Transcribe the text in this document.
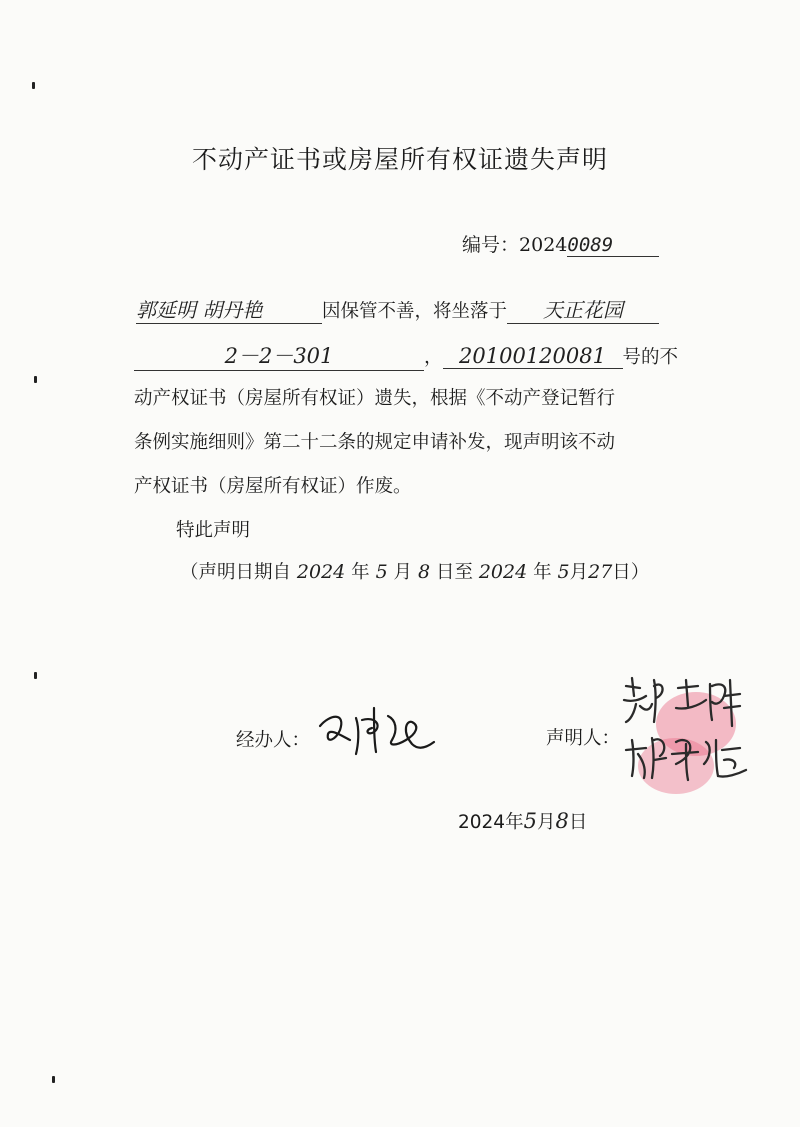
不动产证书或房屋所有权证遗失声明
编号：20240089
郭延明 胡丹艳	因保管不善，将坐落于 天正花园
2－2－301	， 20100120081 号的不
动产权证书（房屋所有权证）遗失，根据《不动产登记暂行
条例实施细则》第二十二条的规定申请补发，现声明该不动
产权证书（房屋所有权证）作废。
特此声明
（声明日期自 2024 年 5 月 8 日至 2024 年 5月27日）
经办人：	声明人：
2024年5月8日
